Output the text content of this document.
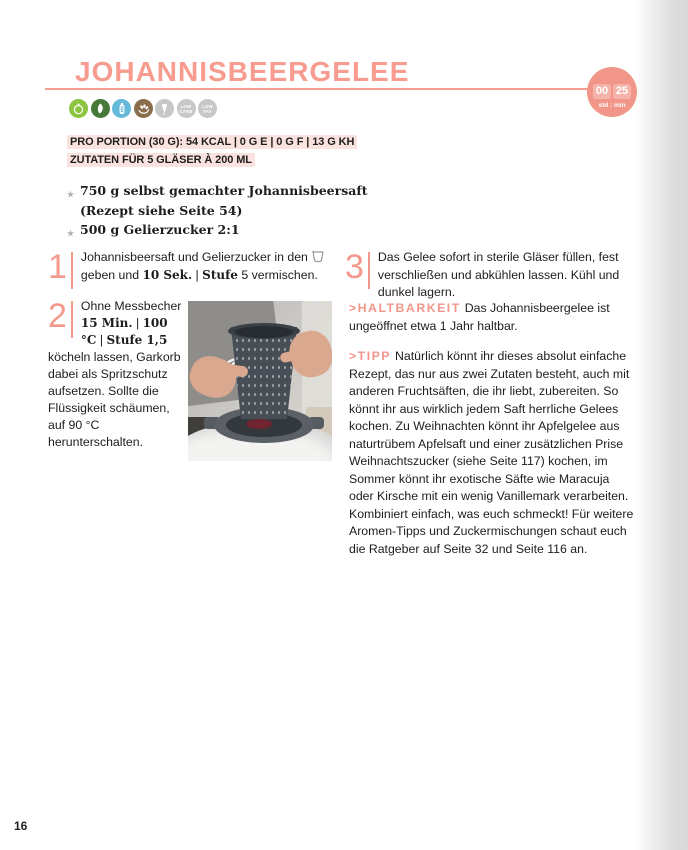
JOHANNISBEERGELEE
00 25
std : min
LOW
CARB
LOW
FAT
PRO PORTION (30 G): 54 KCAL | 0 G E | 0 G F | 13 G KH
ZUTATEN FÜR 5 GLÄSER À 200 ML
★ 750 g selbst gemachter Johannisbeersaft
(Rezept siehe Seite 54)
★ 500 g Gelierzucker 2:1
1	Johannisbeersaft und Gelierzucker in den  geben und 10 Sek. | Stufe 5 vermischen.
2	Ohne Messbecher 15 Min. | 100 °C | Stufe 1,5 köcheln lassen, Garkorb dabei als Spritzschutz aufsetzen. Sollte die Flüssigkeit schäumen, auf 90 °C herunterschalten.
3	Das Gelee sofort in sterile Gläser füllen, fest verschließen und abkühlen lassen. Kühl und dunkel lagern.
>HALTBARKEIT Das Johannisbeergelee ist ungeöffnet etwa 1 Jahr haltbar.
>TIPP Natürlich könnt ihr dieses absolut einfache Rezept, das nur aus zwei Zutaten besteht, auch mit anderen Fruchtsäften, die ihr liebt, zubereiten. So könnt ihr aus wirklich jedem Saft herrliche Gelees kochen. Zu Weihnachten könnt ihr Apfelgelee aus naturtrübem Apfelsaft und einer zusätzlichen Prise Weihnachtszucker (siehe Seite 117) kochen, im Sommer könnt ihr exotische Säfte wie Maracuja oder Kirsche mit ein wenig Vanillemark verarbeiten. Kombiniert einfach, was euch schmeckt! Für weitere Aromen-Tipps und Zuckermischungen schaut euch die Ratgeber auf Seite 32 und Seite 116 an.
16
